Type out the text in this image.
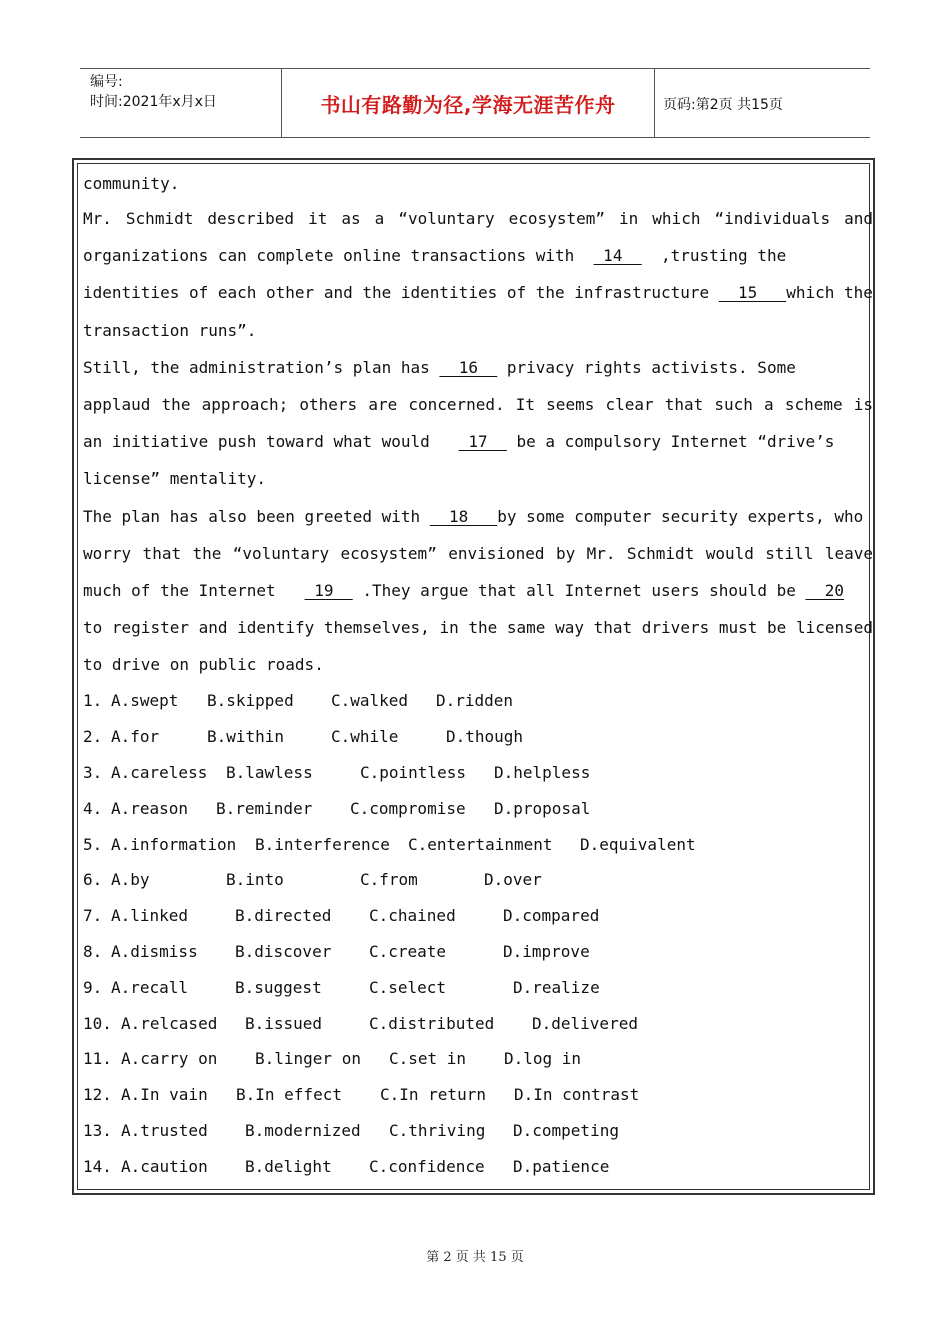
编号:
时间:2021年x月x日	书山有路勤为径,学海无涯苦作舟	页码:第2页 共15页
community.
Mr. Schmidt described it as a “voluntary ecosystem” in which “individuals and
organizations can complete online transactions with   14    ,trusting the
identities of each other and the identities of the infrastructure   15   which the
transaction runs”.
Still, the administration’s plan has   16   privacy rights activists. Some
applaud the approach; others are concerned. It seems clear that such a scheme is
an initiative push toward what would    17   be a compulsory Internet “drive’s
license” mentality.
The plan has also been greeted with   18   by some computer security experts, who
worry that the “voluntary ecosystem” envisioned by Mr. Schmidt would still leave
much of the Internet    19   .They argue that all Internet users should be   20
to register and identify themselves, in the same way that drivers must be licensed
to drive on public roads.
1. A.swept B.skipped C.walked D.ridden
2. A.for	B.within	C.while	D.though
3. A.careless B.lawless	C.pointless D.helpless
4. A.reason B.reminder C.compromise D.proposal
5. A.information B.interference C.entertainment D.equivalent
6. A.by	B.into	C.from	D.over
7. A.linked	B.directed C.chained	D.compared
8. A.dismiss B.discover C.create	D.improve
9. A.recall	B.suggest	C.select	D.realize
10. A.relcased B.issued	C.distributed D.delivered
11. A.carry on B.linger on C.set in D.log in
12. A.In vain B.In effect C.In return D.In contrast
13. A.trusted B.modernized C.thriving D.competing
14. A.caution B.delight C.confidence D.patience
第 2 页 共 15 页
